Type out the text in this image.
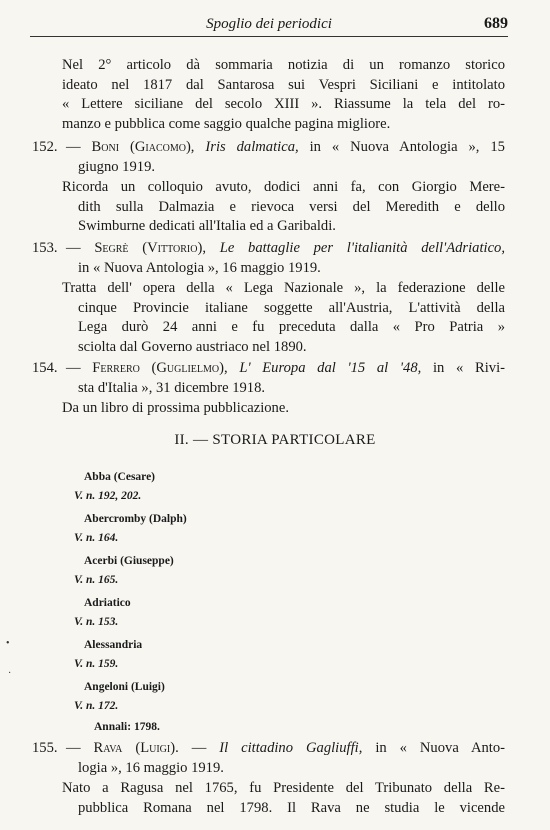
Spoglio dei periodici	689
Nel 2° articolo dà sommaria notizia di un romanzo storico
ideato nel 1817 dal Santarosa sui Vespri Siciliani e intitolato
« Lettere siciliane del secolo XIII ». Riassume la tela del ro-
manzo e pubblica come saggio qualche pagina migliore.
152. — Boni (Giacomo), Iris dalmatica, in « Nuova Antologia », 15
giugno 1919.
Ricorda un colloquio avuto, dodici anni fa, con Giorgio Mere-
dith sulla Dalmazia e rievoca versi del Meredith e dello
Swimburne dedicati all'Italia ed a Garibaldi.
153. — Segrè (Vittorio), Le battaglie per l'italianità dell'Adriatico,
in « Nuova Antologia », 16 maggio 1919.
Tratta dell' opera della « Lega Nazionale », la federazione delle
cinque Provincie italiane soggette all'Austria, L'attività della
Lega durò 24 anni e fu preceduta dalla « Pro Patria »
sciolta dal Governo austriaco nel 1890.
154. — Ferrero (Guglielmo), L' Europa dal '15 al '48, in « Rivi-
sta d'Italia », 31 dicembre 1918.
Da un libro di prossima pubblicazione.
II. — STORIA PARTICOLARE
Abba (Cesare)
V. n. 192, 202.
Abercromby (Dalph)
V. n. 164.
Acerbi (Giuseppe)
V. n. 165.
Adriatico
V. n. 153.
Alessandria
V. n. 159.
Angeloni (Luigi)
V. n. 172.
Annali: 1798.
155. — Rava (Luigi). — Il cittadino Gagliuffi, in « Nuova Anto-
logia », 16 maggio 1919.
Nato a Ragusa nel 1765, fu Presidente del Tribunato della Re-
pubblica Romana nel 1798. Il Rava ne studia le vicende
•
·
